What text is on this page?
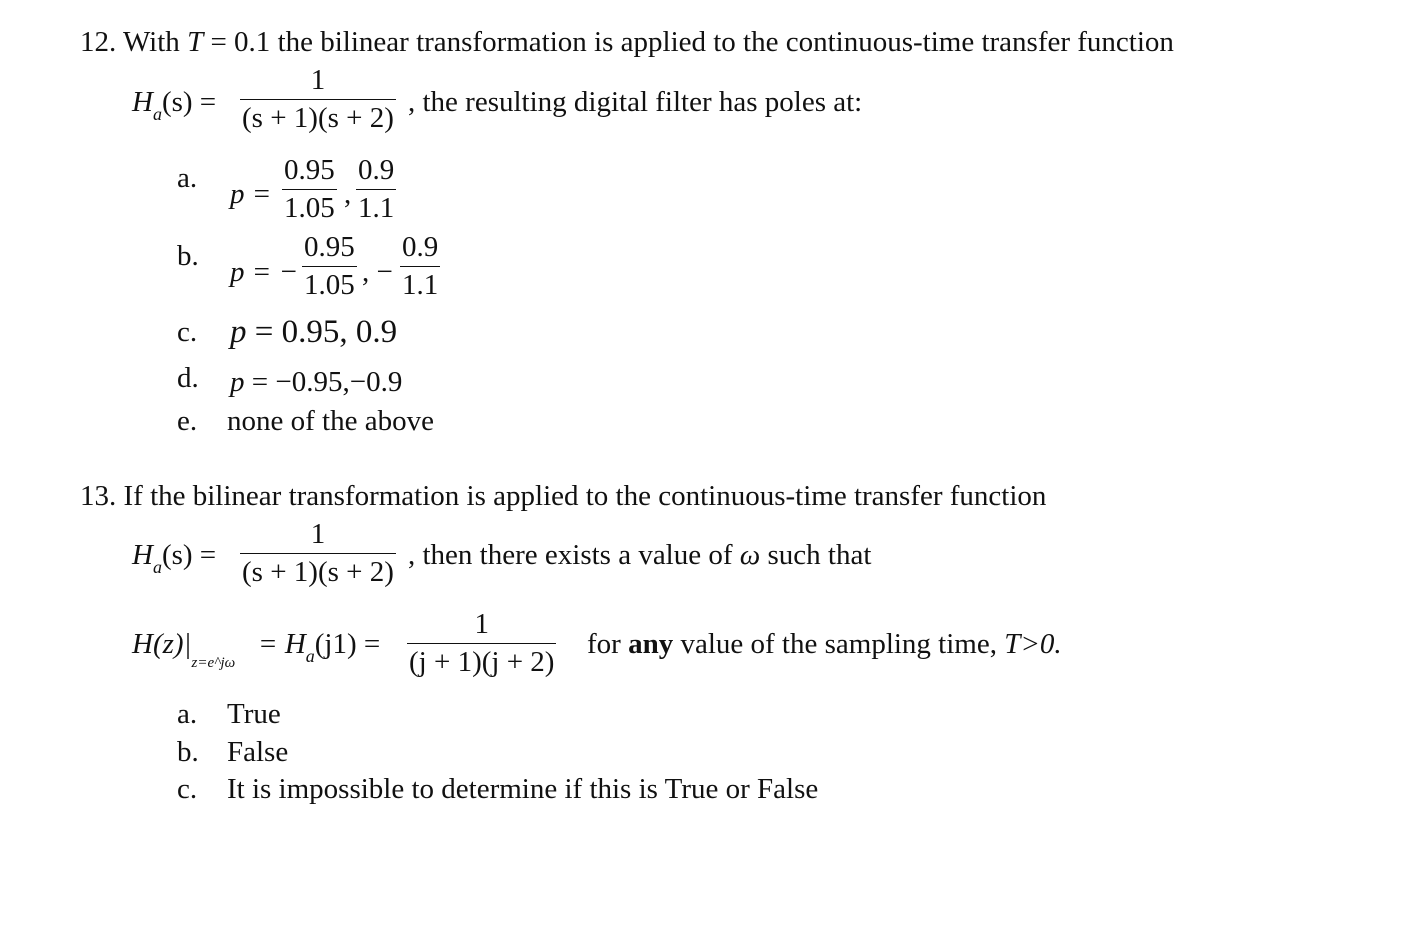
12. With T = 0.1 the bilinear transformation is applied to the continuous-time transfer function
$H_a(s)$ =
1
(s + 1)(s + 2) , the resulting digital filter has poles at:
a. p =
0.95
1.05 ,
0.9
1.1
b. p = −
0.95
1.05 , −
0.9
1.1
c. p = 0.95, 0.9
d. p = −0.95,−0.9
e. none of the above
13. If the bilinear transformation is applied to the continuous-time transfer function
$H_a(s)$ =
1
(s + 1)(s + 2)
, then there exists a value of ω such that
$H(z)|_{z=e\^{}j\omega}$
= $H_a(j1)$ =
1
(j + 1)(j + 2)
for any value of the sampling time, T>0.
a. True
b. False
c. It is impossible to determine if this is True or False
